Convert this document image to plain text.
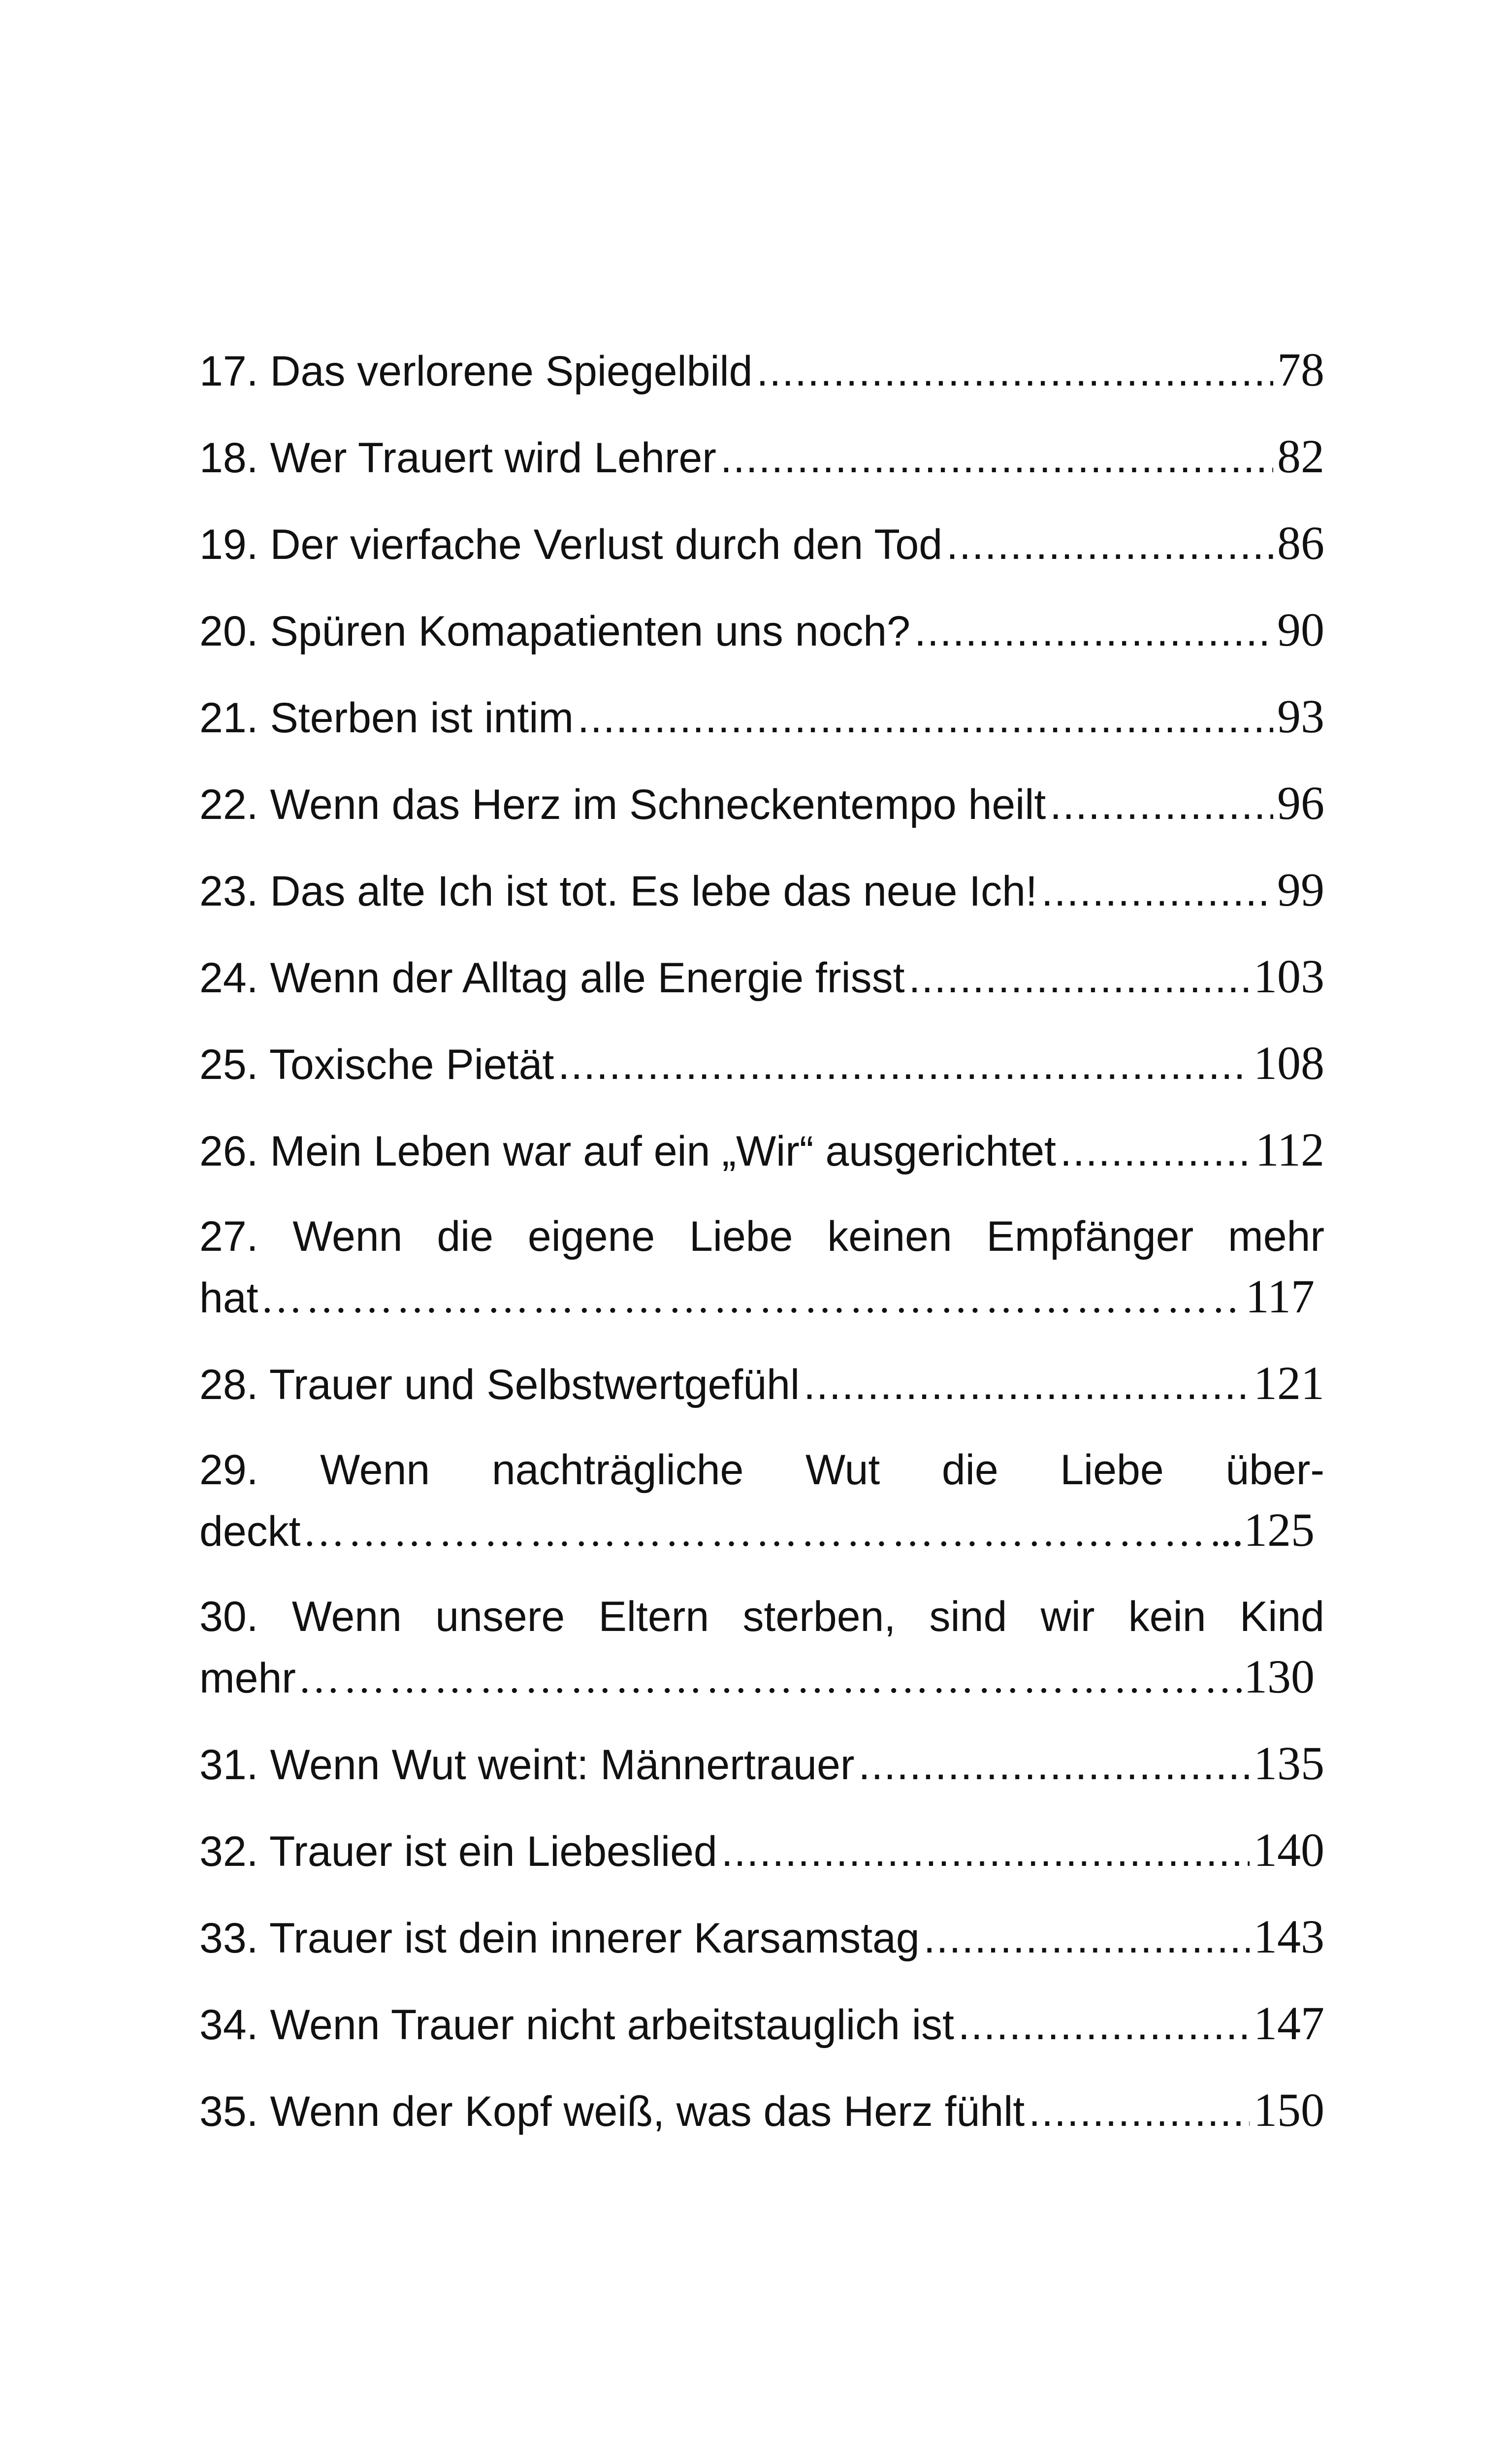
17. Das verlorene Spiegelbild .....	78
18. Wer Trauert wird Lehrer .....	82
19. Der vierfache Verlust durch den Tod .....	86
20. Spüren Komapatienten uns noch? .....	90
21. Sterben ist intim .....	93
22. Wenn das Herz im Schneckentempo heilt .....	96
23. Das alte Ich ist tot. Es lebe das neue Ich! .....	99
24. Wenn der Alltag alle Energie frisst .....	103
25. Toxische Pietät .....	108
26. Mein Leben war auf ein „Wir“ ausgerichtet .....	112
27. Wenn die eigene Liebe keinen Empfänger mehr
hat …………………………………………………………………………………………………………………………………………………………………………	117
28. Trauer und Selbstwertgefühl .....	121
29. Wenn nachträgliche Wut die Liebe über-
deckt …………………………………………………………………………………………………………………………………………………………………………	..125
30. Wenn unsere Eltern sterben, sind wir kein Kind
mehr …………………………………………………………………………………………………………………………………………………………………………	130
31. Wenn Wut weint: Männertrauer .....	135
32. Trauer ist ein Liebeslied .....	140
33. Trauer ist dein innerer Karsamstag .....	143
34. Wenn Trauer nicht arbeitstauglich ist .....	147
35. Wenn der Kopf weiß, was das Herz fühlt .....	150
